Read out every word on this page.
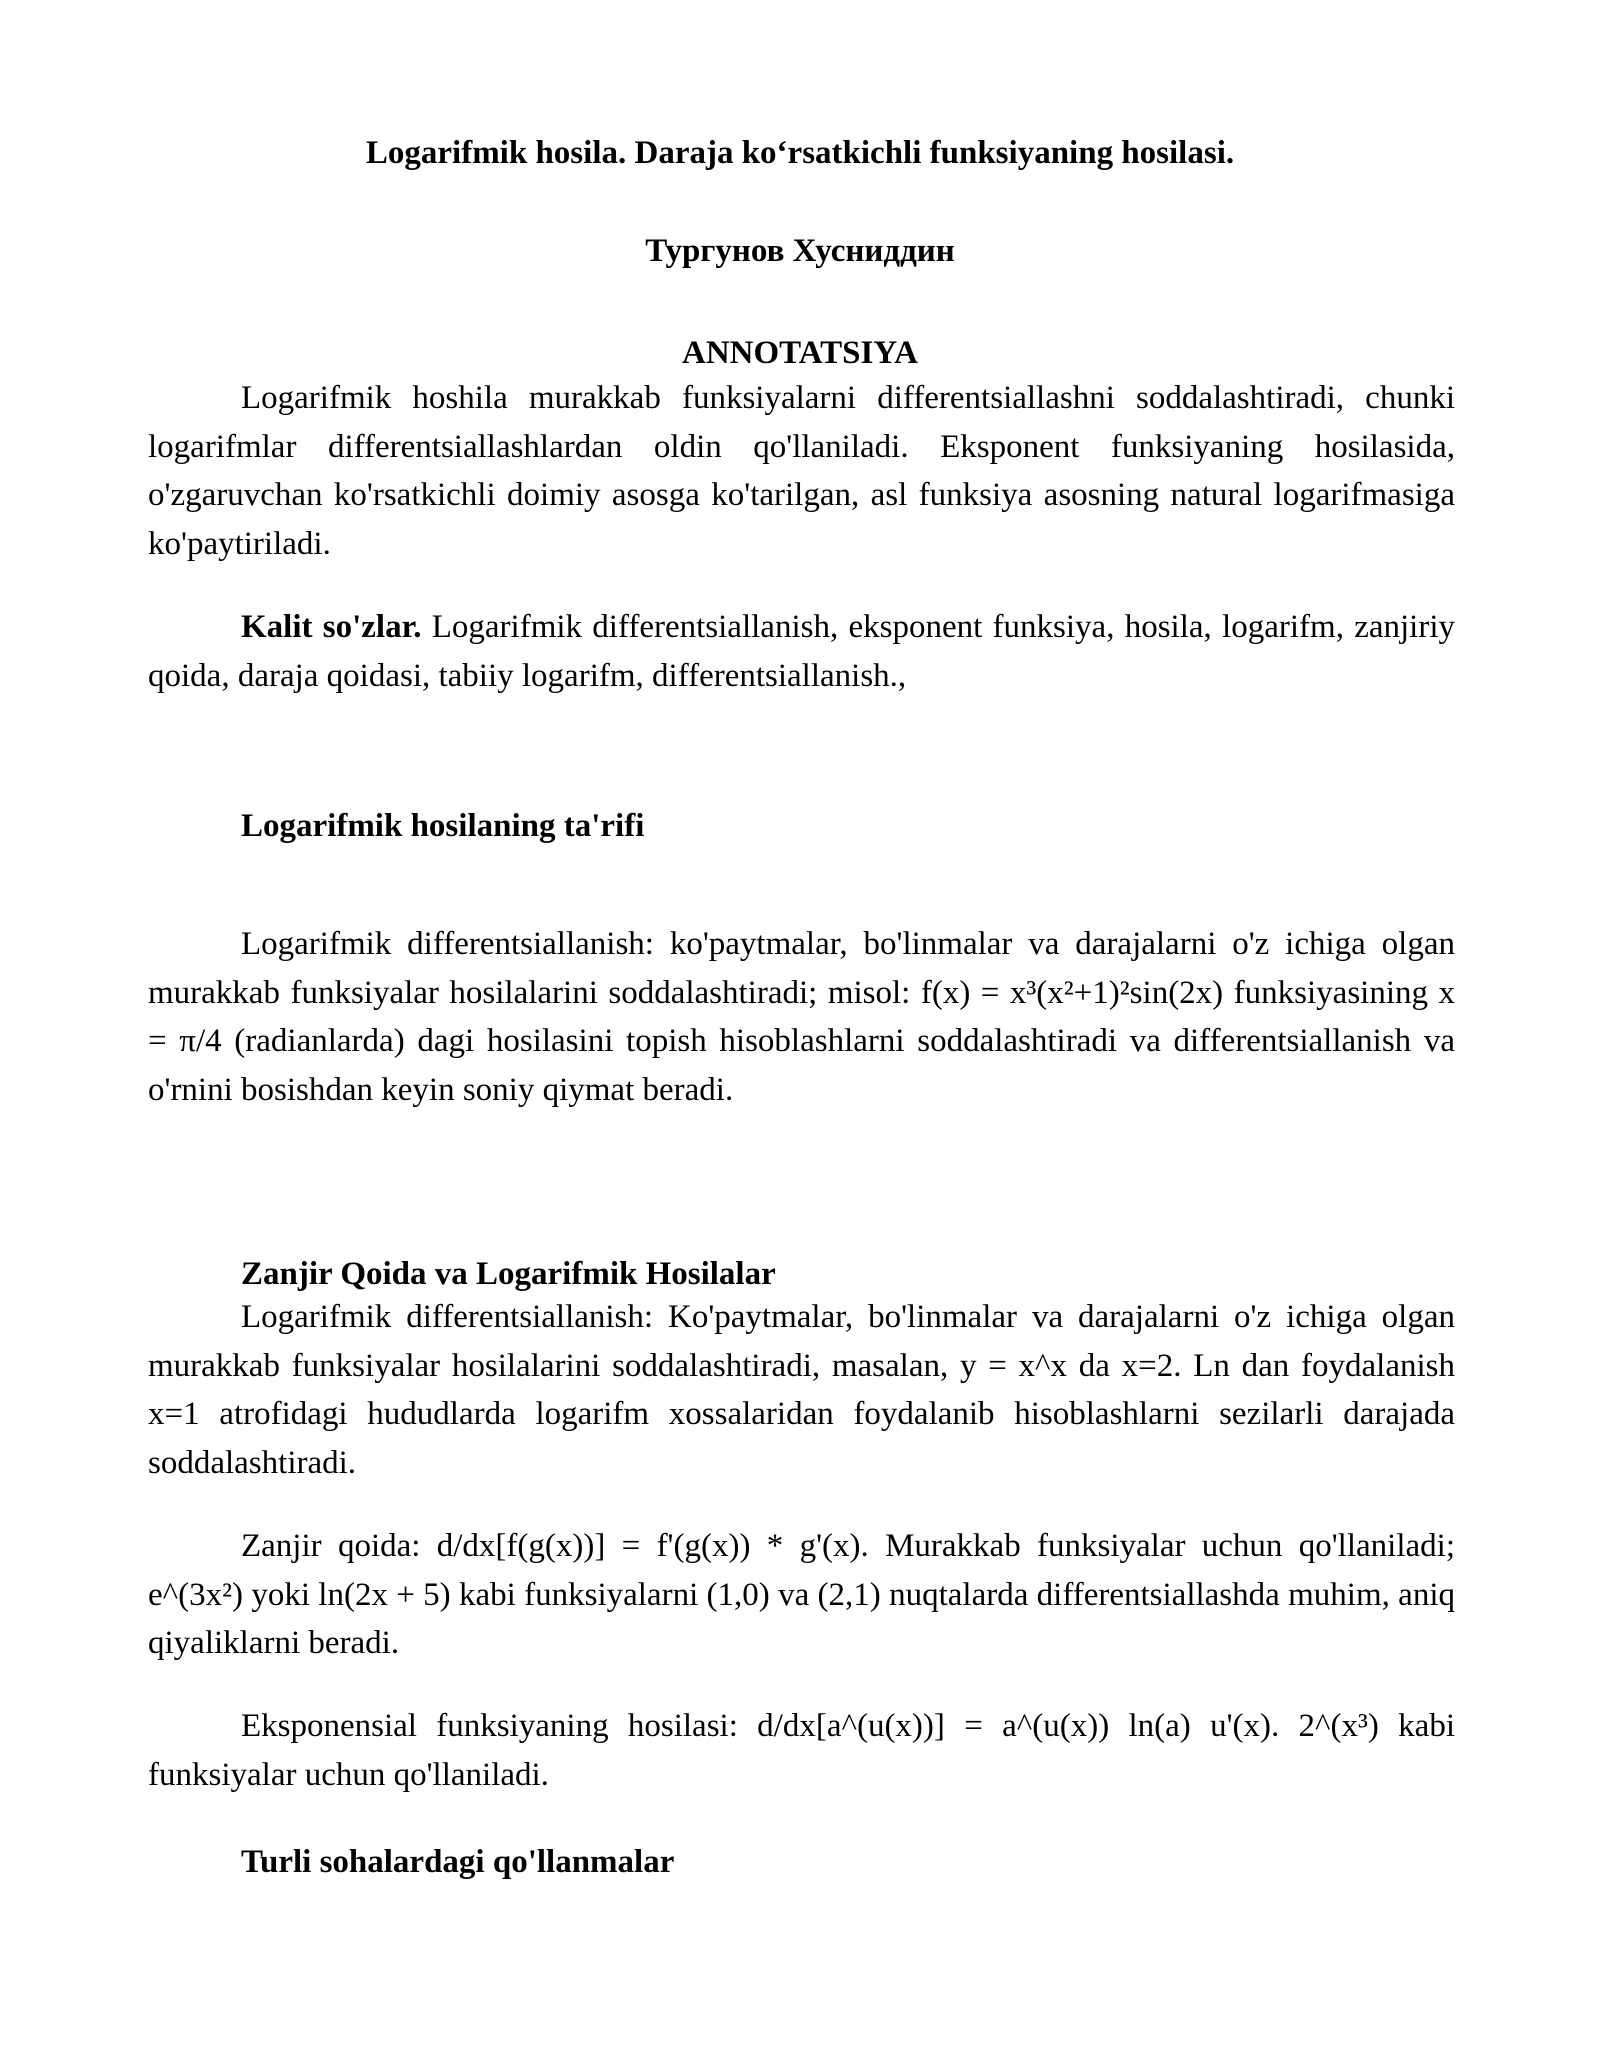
Logarifmik hosila. Daraja ko‘rsatkichli funksiyaning hosilasi.

Тургунов Хусниддин

ANNOTATSIYA

Logarifmik hoshila murakkab funksiyalarni differentsiallashni soddalashtiradi, chunki logarifmlar differentsiallashlardan oldin qo'llaniladi. Eksponent funksiyaning hosilasida, o'zgaruvchan ko'rsatkichli doimiy asosga ko'tarilgan, asl funksiya asosning natural logarifmasiga ko'paytiriladi.

Kalit so'zlar. Logarifmik differentsiallanish, eksponent funksiya, hosila, logarifm, zanjiriy qoida, daraja qoidasi, tabiiy logarifm, differentsiallanish.,

Logarifmik hosilaning ta'rifi

Logarifmik differentsiallanish: ko'paytmalar, bo'linmalar va darajalarni o'z ichiga olgan murakkab funksiyalar hosilalarini soddalashtiradi; misol: f(x) = x³(x²+1)²sin(2x) funksiyasining x = π/4 (radianlarda) dagi hosilasini topish hisoblashlarni soddalashtiradi va differentsiallanish va o'rnini bosishdan keyin soniy qiymat beradi.

Zanjir Qoida va Logarifmik Hosilalar

Logarifmik differentsiallanish: Ko'paytmalar, bo'linmalar va darajalarni o'z ichiga olgan murakkab funksiyalar hosilalarini soddalashtiradi, masalan, y = x^x da x=2. Ln dan foydalanish x=1 atrofidagi hududlarda logarifm xossalaridan foydalanib hisoblashlarni sezilarli darajada soddalashtiradi.

Zanjir qoida: d/dx[f(g(x))] = f'(g(x)) * g'(x). Murakkab funksiyalar uchun qo'llaniladi; e^(3x²) yoki ln(2x + 5) kabi funksiyalarni (1,0) va (2,1) nuqtalarda differentsiallashda muhim, aniq qiyaliklarni beradi.

Eksponensial funksiyaning hosilasi: d/dx[a^(u(x))] = a^(u(x)) ln(a) u'(x). 2^(x³) kabi funksiyalar uchun qo'llaniladi.

Turli sohalardagi qo'llanmalar
